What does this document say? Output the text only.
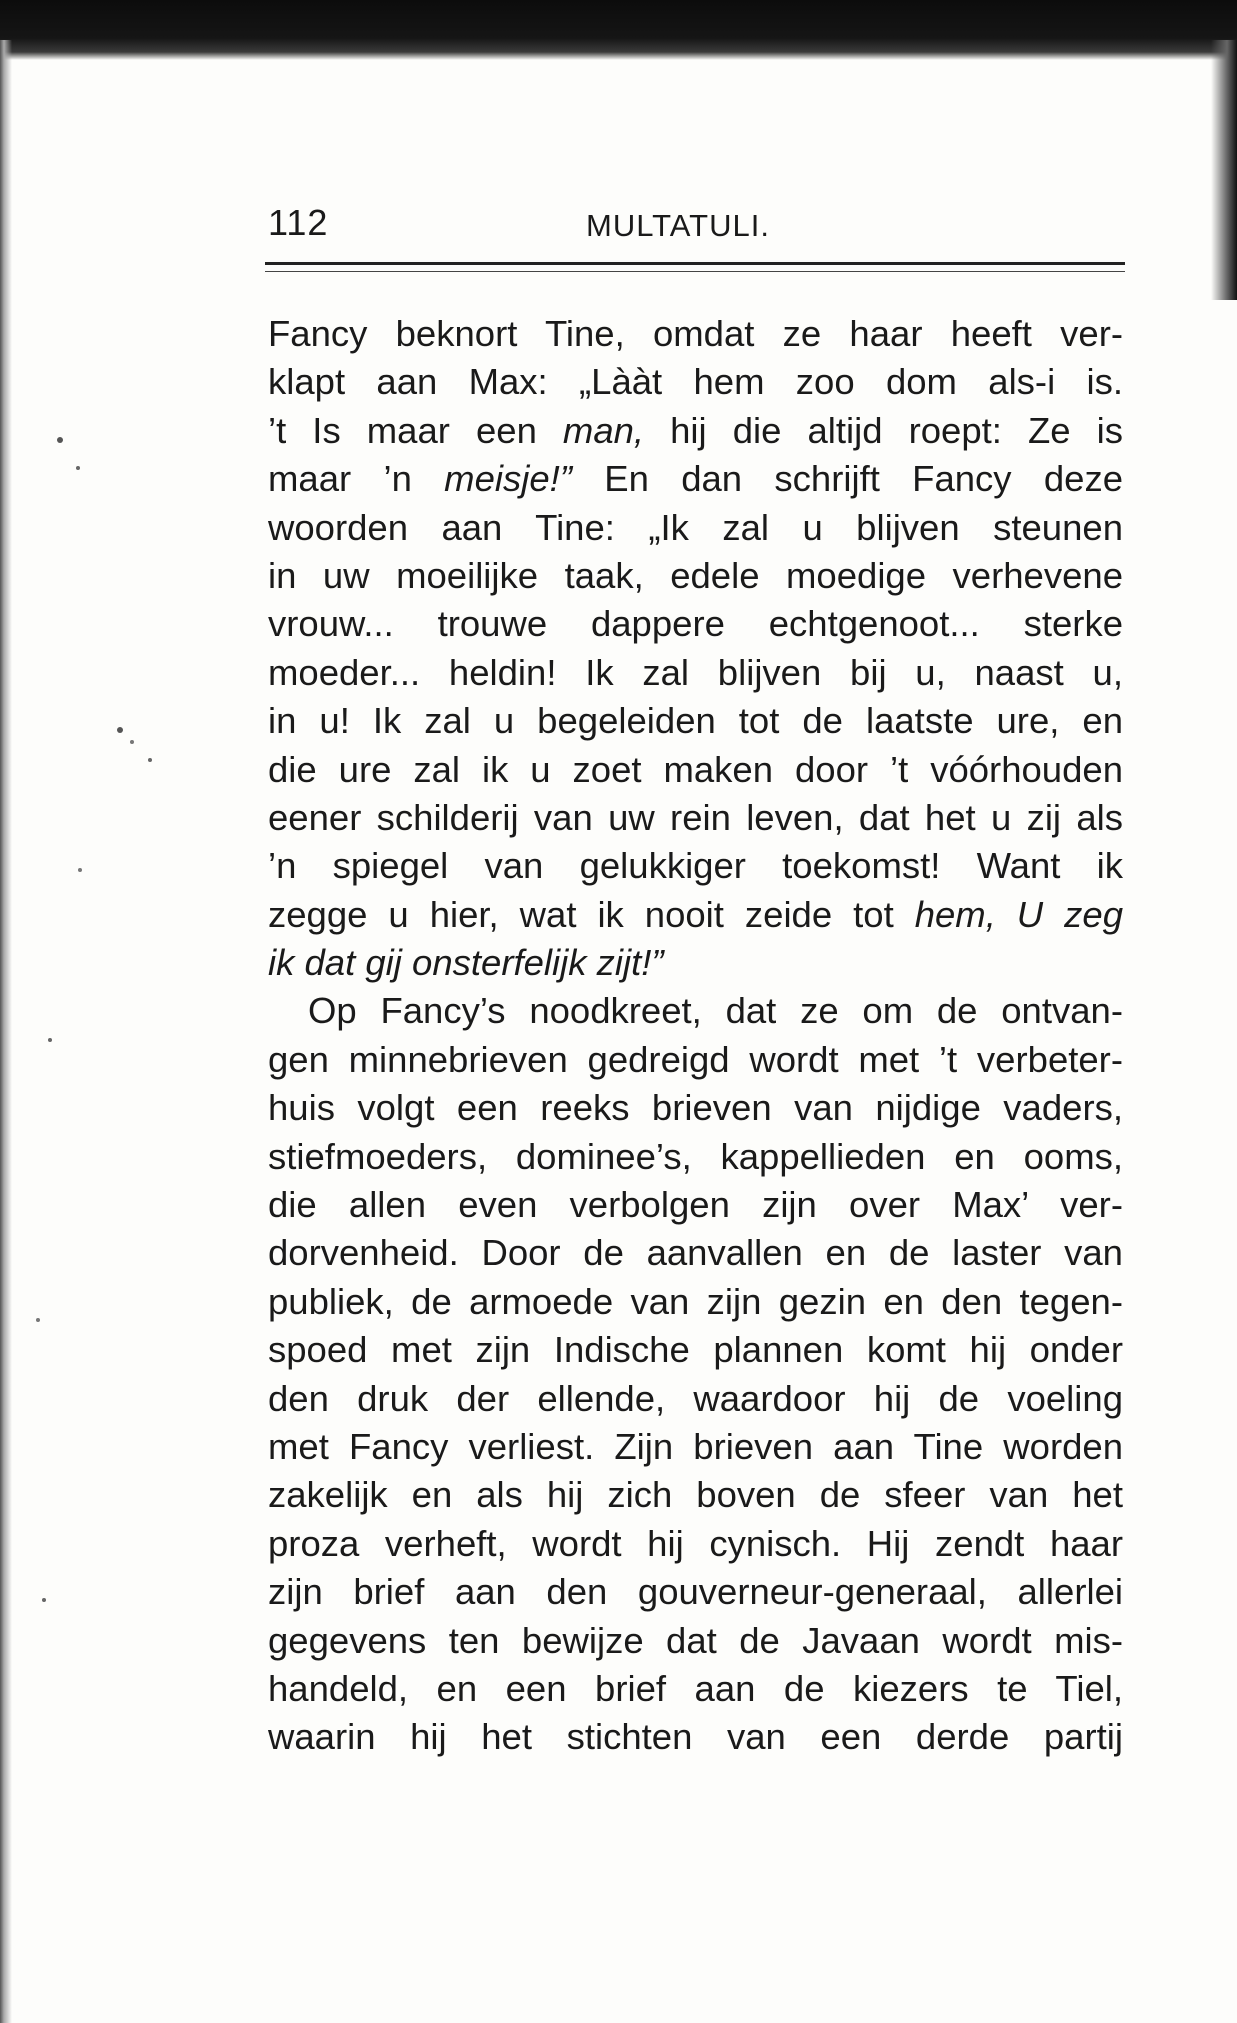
112	MULTATULI.
Fancy beknort Tine, omdat ze haar heeft ver-
klapt aan Max: „Lààt hem zoo dom als-i is.
’t Is maar een man, hij die altijd roept: Ze is
maar ’n meisje!” En dan schrijft Fancy deze
woorden aan Tine: „Ik zal u blijven steunen
in uw moeilijke taak, edele moedige verhevene
vrouw... trouwe dappere echtgenoot... sterke
moeder... heldin! Ik zal blijven bij u, naast u,
in u! Ik zal u begeleiden tot de laatste ure, en
die ure zal ik u zoet maken door ’t vóórhouden
eener schilderij van uw rein leven, dat het u zij als
’n spiegel van gelukkiger toekomst! Want ik
zegge u hier, wat ik nooit zeide tot hem, U zeg
ik dat gij onsterfelijk zijt!”
Op Fancy’s noodkreet, dat ze om de ontvan-
gen minnebrieven gedreigd wordt met ’t verbeter-
huis volgt een reeks brieven van nijdige vaders,
stiefmoeders, dominee’s, kappellieden en ooms,
die allen even verbolgen zijn over Max’ ver-
dorvenheid. Door de aanvallen en de laster van
publiek, de armoede van zijn gezin en den tegen-
spoed met zijn Indische plannen komt hij onder
den druk der ellende, waardoor hij de voeling
met Fancy verliest. Zijn brieven aan Tine worden
zakelijk en als hij zich boven de sfeer van het
proza verheft, wordt hij cynisch. Hij zendt haar
zijn brief aan den gouverneur-generaal, allerlei
gegevens ten bewijze dat de Javaan wordt mis-
handeld, en een brief aan de kiezers te Tiel,
waarin hij het stichten van een derde partij
